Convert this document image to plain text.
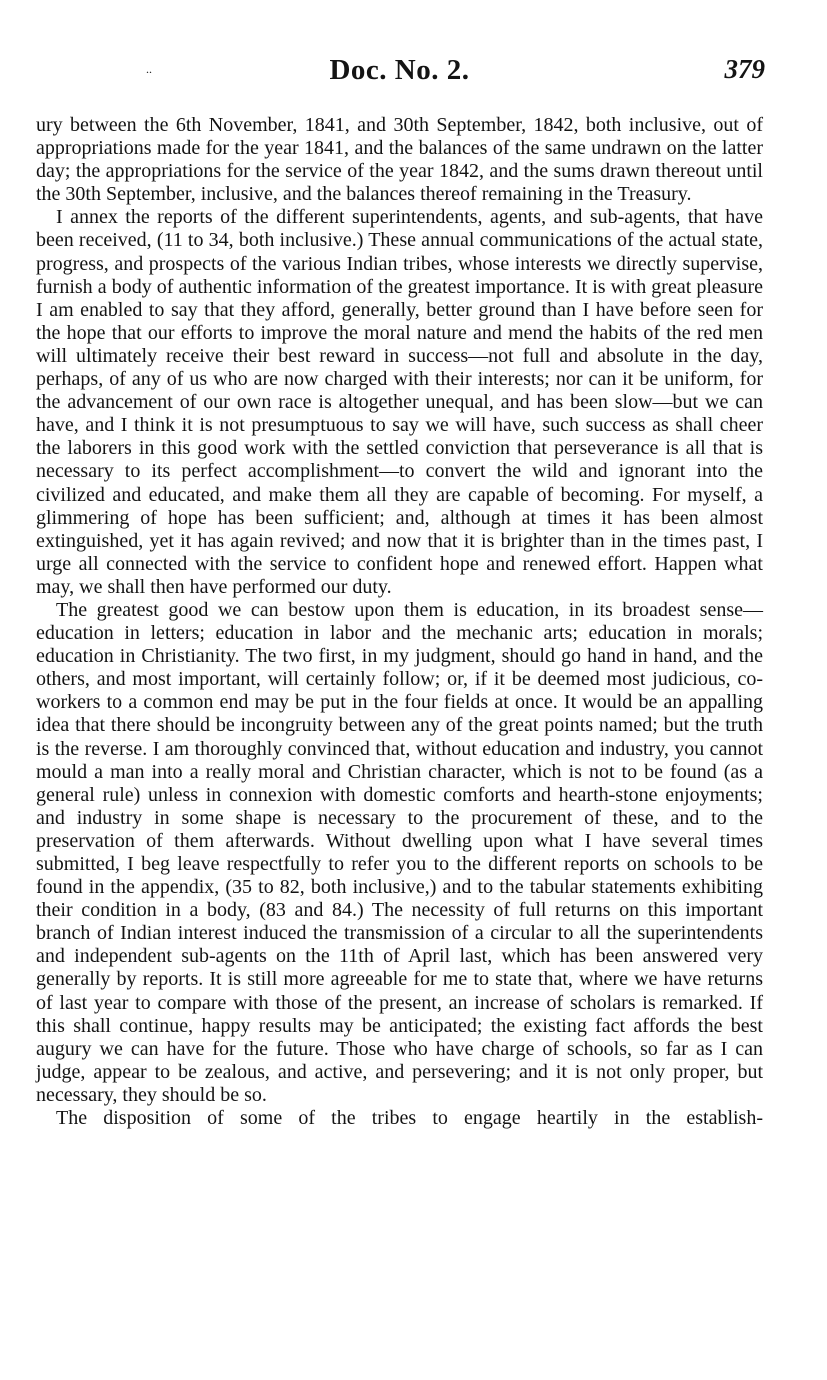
..	Doc. No. 2.	379

ury between the 6th November, 1841, and 30th September, 1842, both inclusive, out of appropriations made for the year 1841, and the balances of the same undrawn on the latter day; the appropriations for the service of the year 1842, and the sums drawn thereout until the 30th September, inclusive, and the balances thereof remaining in the Treasury.

I annex the reports of the different superintendents, agents, and sub-agents, that have been received, (11 to 34, both inclusive.) These annual communications of the actual state, progress, and prospects of the various Indian tribes, whose interests we directly supervise, furnish a body of authentic information of the greatest importance. It is with great pleasure I am enabled to say that they afford, generally, better ground than I have before seen for the hope that our efforts to improve the moral nature and mend the habits of the red men will ultimately receive their best reward in success—not full and absolute in the day, perhaps, of any of us who are now charged with their interests; nor can it be uniform, for the advancement of our own race is altogether unequal, and has been slow—but we can have, and I think it is not presumptuous to say we will have, such success as shall cheer the laborers in this good work with the settled conviction that perseverance is all that is necessary to its perfect accomplishment—to convert the wild and ignorant into the civilized and educated, and make them all they are capable of becoming. For myself, a glimmering of hope has been sufficient; and, although at times it has been almost extinguished, yet it has again revived; and now that it is brighter than in the times past, I urge all connected with the service to confident hope and renewed effort. Happen what may, we shall then have performed our duty.

The greatest good we can bestow upon them is education, in its broadest sense—education in letters; education in labor and the mechanic arts; education in morals; education in Christianity. The two first, in my judgment, should go hand in hand, and the others, and most important, will certainly follow; or, if it be deemed most judicious, co-workers to a common end may be put in the four fields at once. It would be an appalling idea that there should be incongruity between any of the great points named; but the truth is the reverse. I am thoroughly convinced that, without education and industry, you cannot mould a man into a really moral and Christian character, which is not to be found (as a general rule) unless in connexion with domestic comforts and hearth-stone enjoyments; and industry in some shape is necessary to the procurement of these, and to the preservation of them afterwards. Without dwelling upon what I have several times submitted, I beg leave respectfully to refer you to the different reports on schools to be found in the appendix, (35 to 82, both inclusive,) and to the tabular statements exhibiting their condition in a body, (83 and 84.) The necessity of full returns on this important branch of Indian interest induced the transmission of a circular to all the superintendents and independent sub-agents on the 11th of April last, which has been answered very generally by reports. It is still more agreeable for me to state that, where we have returns of last year to compare with those of the present, an increase of scholars is remarked. If this shall continue, happy results may be anticipated; the existing fact affords the best augury we can have for the future. Those who have charge of schools, so far as I can judge, appear to be zealous, and active, and persevering; and it is not only proper, but necessary, they should be so.

The disposition of some of the tribes to engage heartily in the establish-
